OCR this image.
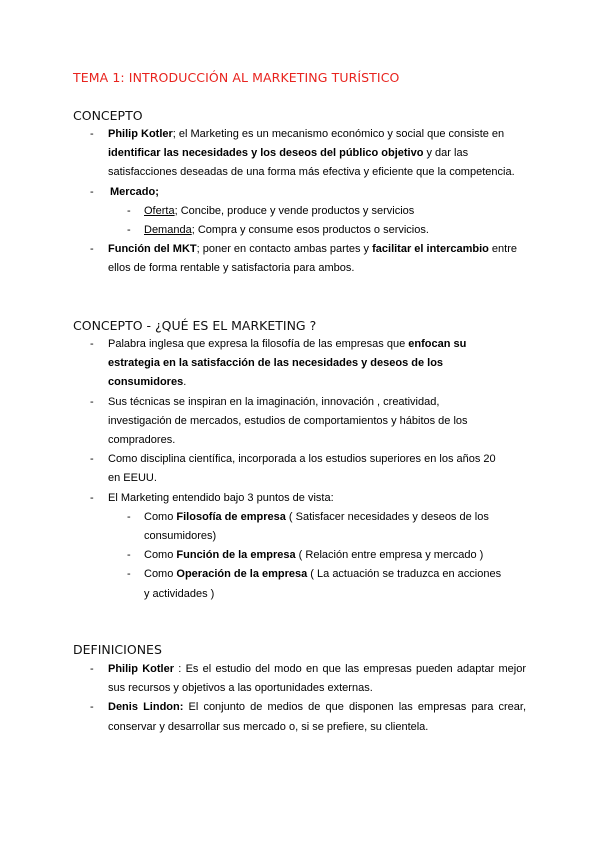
TEMA 1: INTRODUCCIÓN AL MARKETING TURÍSTICO
CONCEPTO
- Philip Kotler; el Marketing es un mecanismo económico y social que consiste en identificar las necesidades y los deseos del público objetivo y dar las satisfacciones deseadas de una forma más efectiva y eficiente que la competencia.
- Mercado;
- Oferta; Concibe, produce y vende productos y servicios
- Demanda; Compra y consume esos productos o servicios.
- Función del MKT; poner en contacto ambas partes y facilitar el intercambio entre ellos de forma rentable y satisfactoria para ambos.
CONCEPTO - ¿QUÉ ES EL MARKETING ?
- Palabra inglesa que expresa la filosofía de las empresas que enfocan su estrategia en la satisfacción de las necesidades y deseos de los consumidores.
- Sus técnicas se inspiran en la imaginación, innovación , creatividad, investigación de mercados, estudios de comportamientos y hábitos de los compradores.
- Como disciplina científica, incorporada a los estudios superiores en los años 20 en EEUU.
- El Marketing entendido bajo 3 puntos de vista:
- Como Filosofía de empresa ( Satisfacer necesidades y deseos de los consumidores)
- Como Función de la empresa ( Relación entre empresa y mercado )
- Como Operación de la empresa ( La actuación se traduzca en acciones y actividades )
DEFINICIONES
- Philip Kotler : Es el estudio del modo en que las empresas pueden adaptar mejor sus recursos y objetivos a las oportunidades externas.
- Denis Lindon: El conjunto de medios de que disponen las empresas para crear, conservar y desarrollar sus mercado o, si se prefiere, su clientela.
